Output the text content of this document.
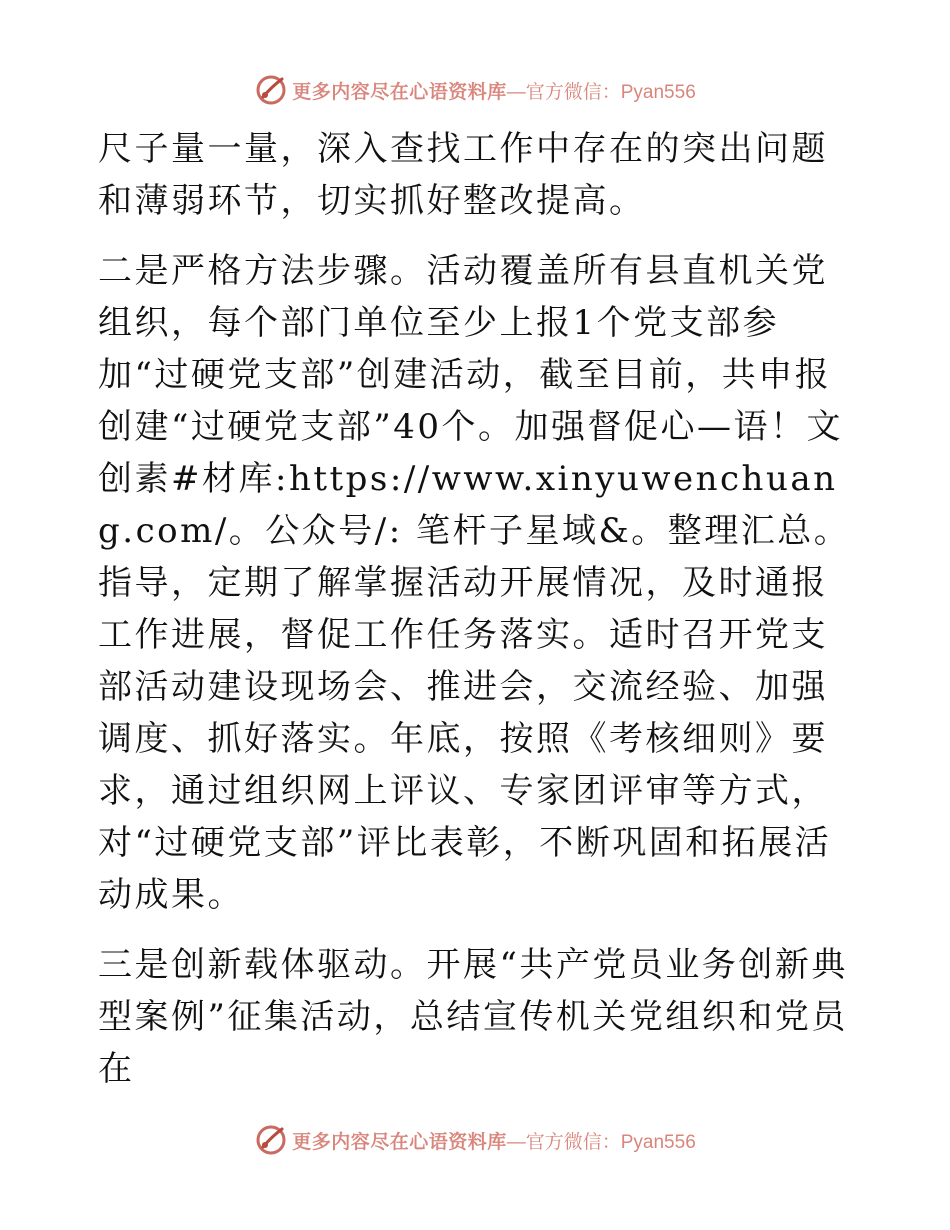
更多内容尽在心语资料库 —官方微信：Pyan556

尺子量一量，深入查找工作中存在的突出问题和薄弱环节，切实抓好整改提高。

二是严格方法步骤。活动覆盖所有县直机关党组织，每个部门单位至少上报1个党支部参加“过硬党支部”创建活动，截至目前，共申报创建“过硬党支部”40个。加强督促心—语！文创素#材库:https://www.xinyuwenchuang.com/。公众号/: 笔杆子星域&。整理汇总。指导，定期了解掌握活动开展情况，及时通报工作进展，督促工作任务落实。适时召开党支部活动建设现场会、推进会，交流经验、加强调度、抓好落实。年底，按照《考核细则》要求，通过组织网上评议、专家团评审等方式，对“过硬党支部”评比表彰，不断巩固和拓展活动成果。

三是创新载体驱动。开展“共产党员业务创新典型案例”征集活动，总结宣传机关党组织和党员在

更多内容尽在心语资料库 —官方微信：Pyan556
